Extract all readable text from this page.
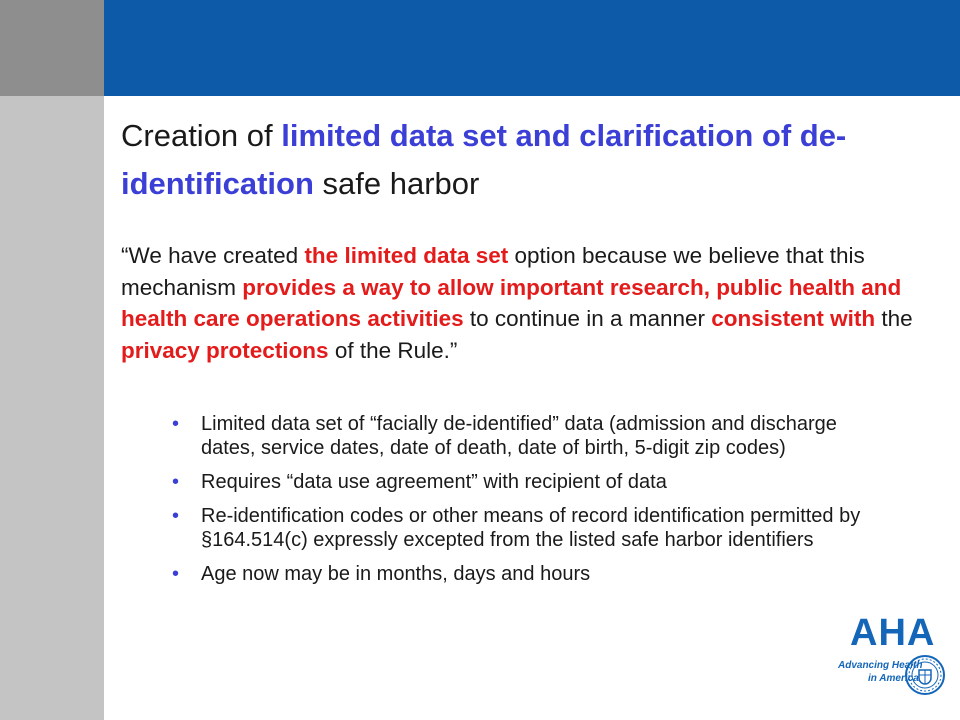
Creation of limited data set and clarification of de-identification safe harbor
“We have created the limited data set option because we believe that this mechanism provides a way to allow important research, public health and health care operations activities to continue in a manner consistent with the privacy protections of the Rule.”
• Limited data set of “facially de-identified” data (admission and discharge dates, service dates, date of death, date of birth, 5-digit zip codes)
• Requires “data use agreement” with recipient of data
• Re-identification codes or other means of record identification permitted by §164.514(c) expressly excepted from the listed safe harbor identifiers
• Age now may be in months, days and hours
AHA
Advancing Health
in America
